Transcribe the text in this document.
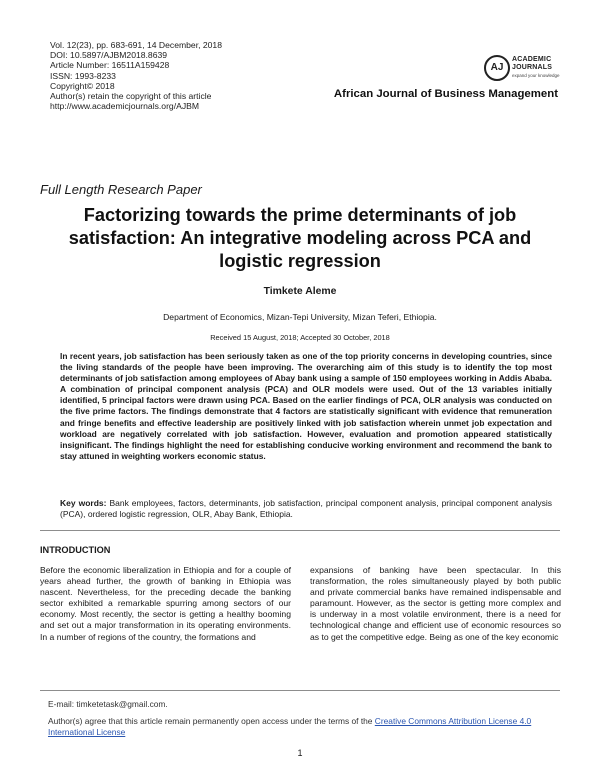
Vol. 12(23), pp. 683-691, 14 December, 2018
DOI: 10.5897/AJBM2018.8639
Article Number: 16511A159428
ISSN: 1993-8233
Copyright© 2018
Author(s) retain the copyright of this article
http://www.academicjournals.org/AJBM
AJ
ACADEMIC
JOURNALS
expand your knowledge
African Journal of Business Management
Full Length Research Paper
Factorizing towards the prime determinants of job satisfaction: An integrative modeling across PCA and logistic regression
Timkete Aleme
Department of Economics, Mizan-Tepi University, Mizan Teferi, Ethiopia.
Received 15 August, 2018; Accepted 30 October, 2018
In recent years, job satisfaction has been seriously taken as one of the top priority concerns in developing countries, since the living standards of the people have been improving. The overarching aim of this study is to identify the top most determinants of job satisfaction among employees of Abay bank using a sample of 150 employees working in Addis Ababa. A combination of principal component analysis (PCA) and OLR models were used. Out of the 13 variables initially identified, 5 principal factors were drawn using PCA. Based on the earlier findings of PCA, OLR analysis was conducted on the five prime factors. The findings demonstrate that 4 factors are statistically significant with evidence that remuneration and fringe benefits and effective leadership are positively linked with job satisfaction wherein unmet job expectation and workload are negatively correlated with job satisfaction. However, evaluation and promotion appeared statistically insignificant. The findings highlight the need for establishing conducive working environment and recommend the bank to stay attuned in weighting workers economic status.
Key words: Bank employees, factors, determinants, job satisfaction, principal component analysis, principal component analysis (PCA), ordered logistic regression, OLR, Abay Bank, Ethiopia.
INTRODUCTION
Before the economic liberalization in Ethiopia and for a couple of years ahead further, the growth of banking in Ethiopia was nascent. Nevertheless, for the preceding decade the banking sector exhibited a remarkable spurring among sectors of our economy. Most recently, the sector is getting a healthy booming and set out a major transformation in its operating environments. In a number of regions of the country, the formations and
expansions of banking have been spectacular. In this transformation, the roles simultaneously played by both public and private commercial banks have remained indispensable and paramount. However, as the sector is getting more complex and is underway in a most volatile environment, there is a need for technological change and efficient use of economic resources so as to get the competitive edge. Being as one of the key economic
E-mail: timketetask@gmail.com.
Author(s) agree that this article remain permanently open access under the terms of the Creative Commons Attribution License 4.0 International License
1
